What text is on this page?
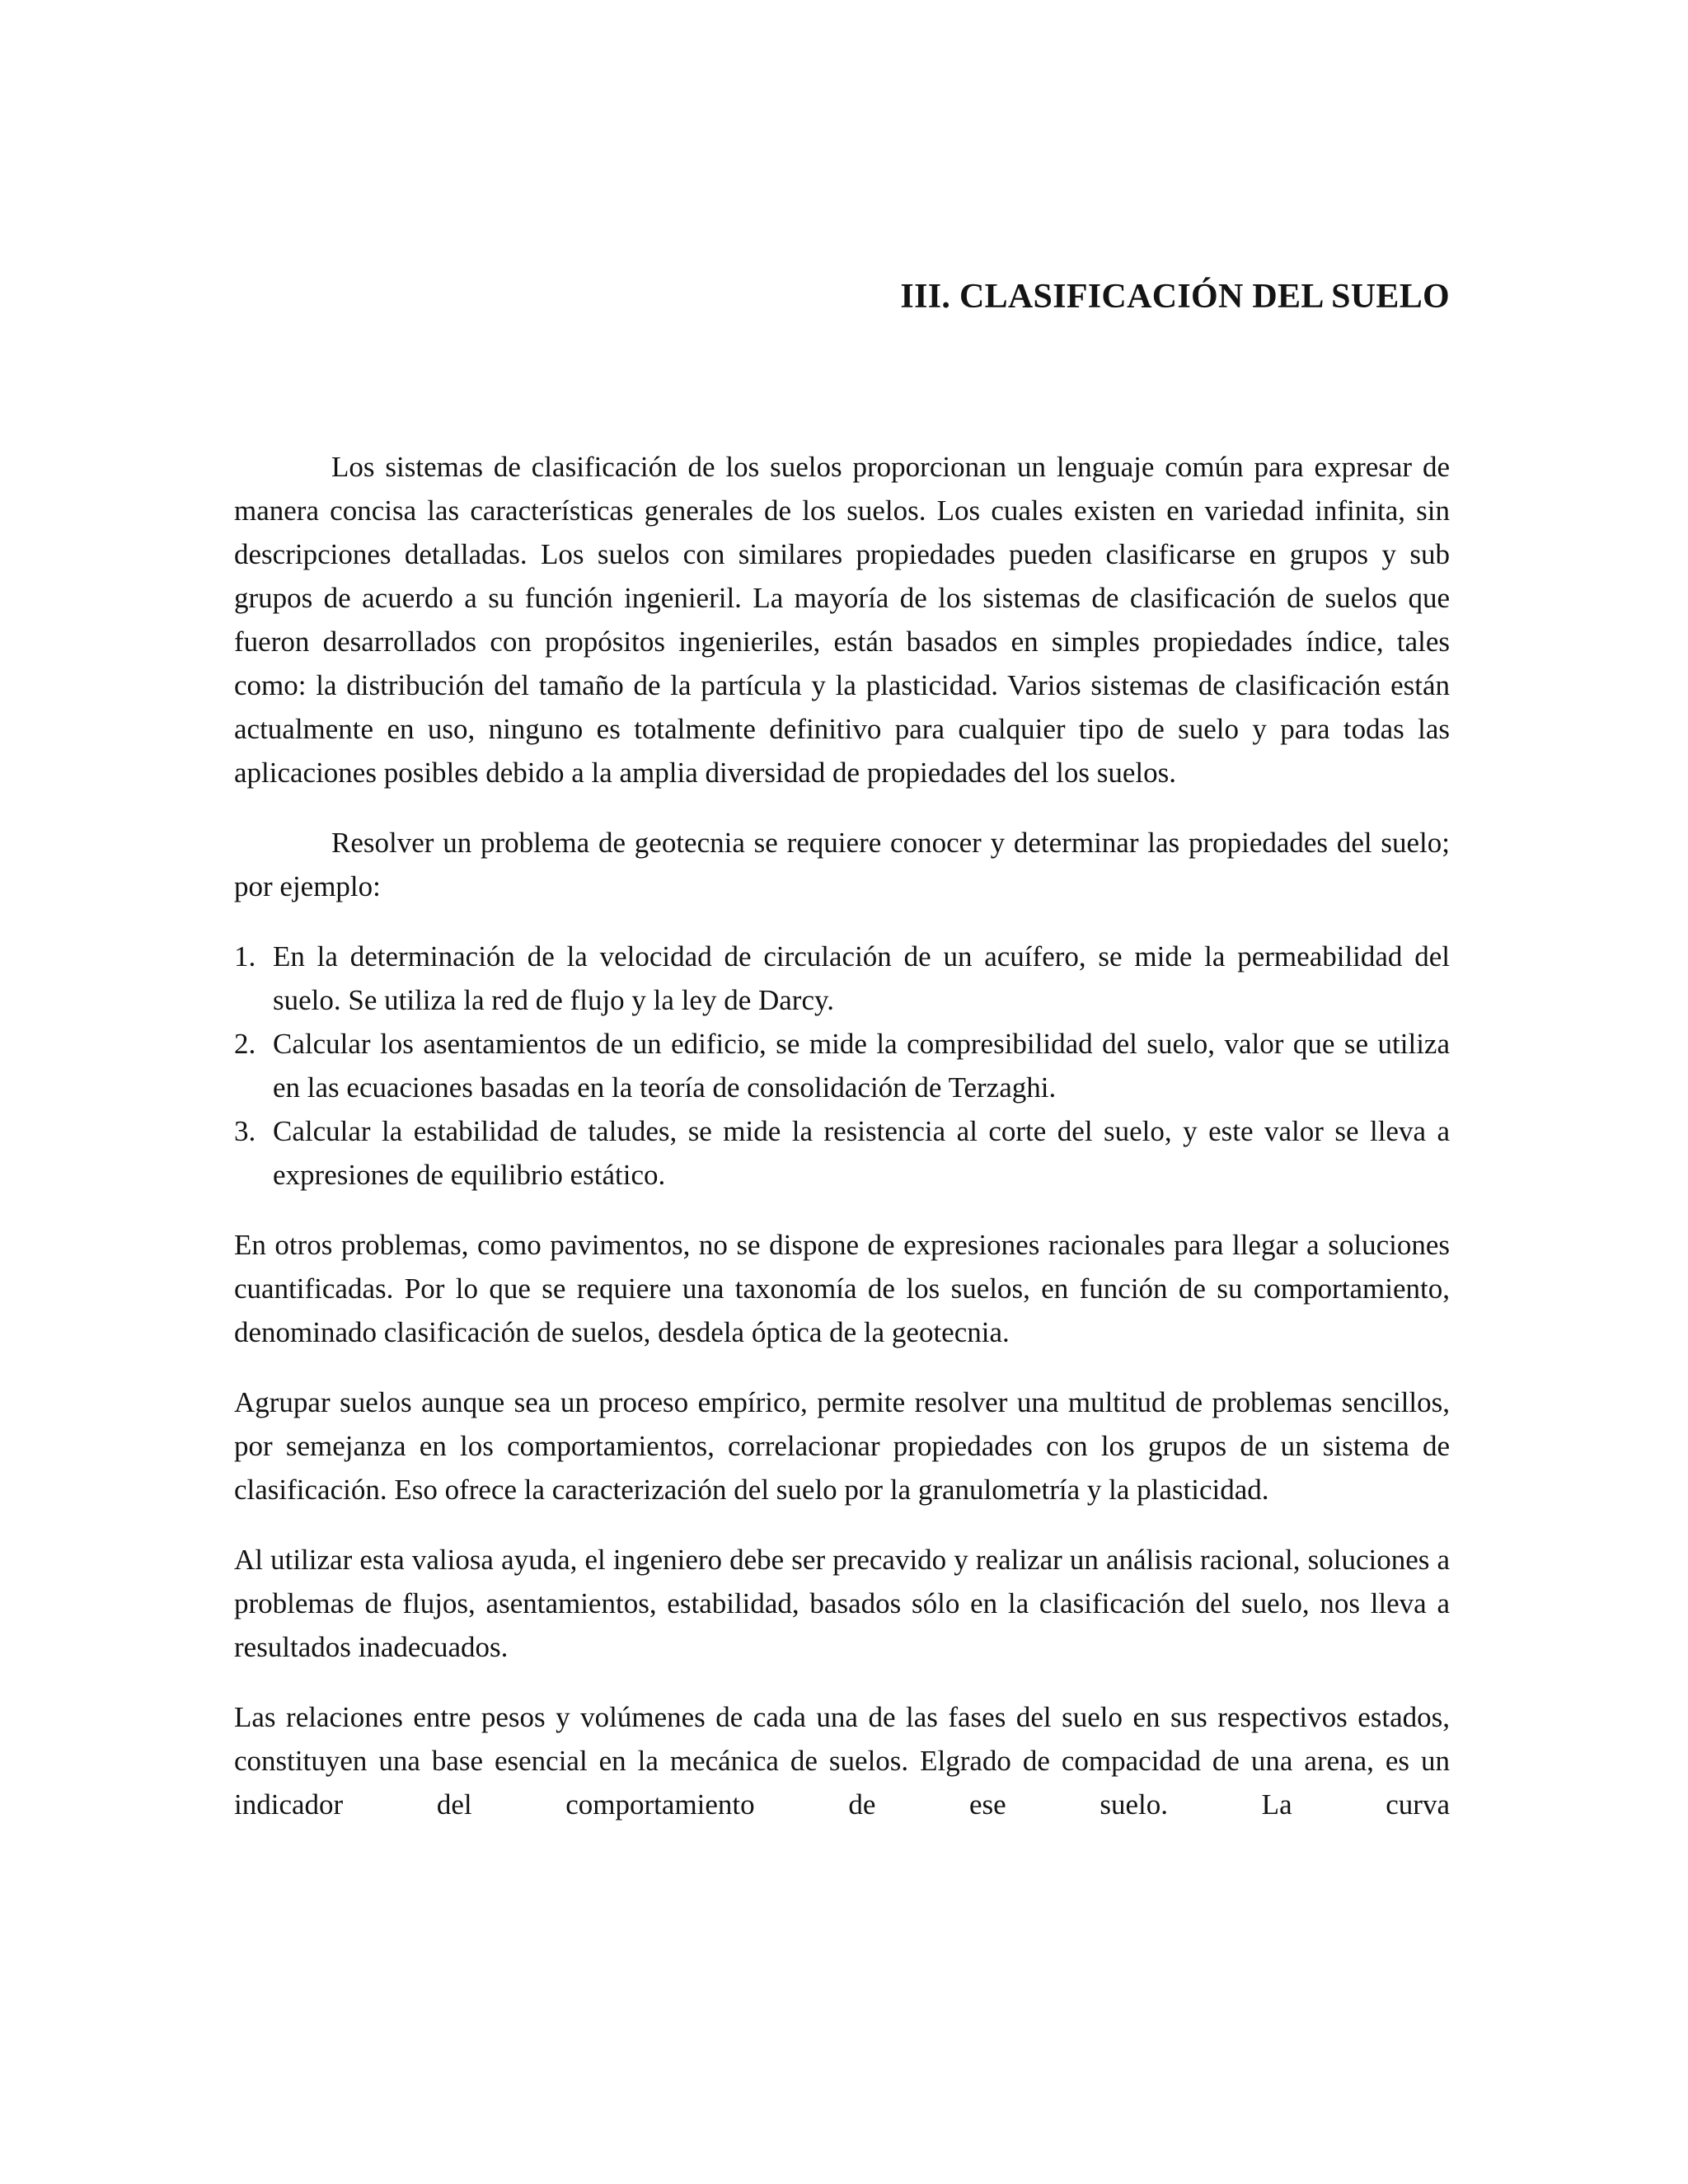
III. CLASIFICACIÓN DEL SUELO

Los sistemas de clasificación de los suelos proporcionan un lenguaje común para expresar de manera concisa las características generales de los suelos. Los cuales existen en variedad infinita, sin descripciones detalladas. Los suelos con similares propiedades pueden clasificarse en grupos y sub grupos de acuerdo a su función ingenieril. La mayoría de los sistemas de clasificación de suelos que fueron desarrollados con propósitos ingenieriles, están basados en simples propiedades índice, tales como: la distribución del tamaño de la partícula y la plasticidad. Varios sistemas de clasificación están actualmente en uso, ninguno es totalmente definitivo para cualquier tipo de suelo y para todas las aplicaciones posibles debido a la amplia diversidad de propiedades del los suelos.

Resolver un problema de geotecnia se requiere conocer y determinar las propiedades del suelo; por ejemplo:

1. En la determinación de la velocidad de circulación de un acuífero, se mide la permeabilidad del suelo. Se utiliza la red de flujo y la ley de Darcy.
2. Calcular los asentamientos de un edificio, se mide la compresibilidad del suelo, valor que se utiliza en las ecuaciones basadas en la teoría de consolidación de Terzaghi.
3. Calcular la estabilidad de taludes, se mide la resistencia al corte del suelo, y este valor se lleva a expresiones de equilibrio estático.

En otros problemas, como pavimentos, no se dispone de expresiones racionales para llegar a soluciones cuantificadas. Por lo que se requiere una taxonomía de los suelos, en función de su comportamiento, denominado clasificación de suelos, desdela óptica de la geotecnia.

Agrupar suelos aunque sea un proceso empírico, permite resolver una multitud de problemas sencillos, por semejanza en los comportamientos, correlacionar propiedades con los grupos de un sistema de clasificación. Eso ofrece la caracterización del suelo por la granulometría y la plasticidad.

Al utilizar esta valiosa ayuda, el ingeniero debe ser precavido y realizar un análisis racional, soluciones a problemas de flujos, asentamientos, estabilidad, basados sólo en la clasificación del suelo, nos lleva a resultados inadecuados.

Las relaciones entre pesos y volúmenes de cada una de las fases del suelo en sus respectivos estados, constituyen una base esencial en la mecánica de suelos. Elgrado de compacidad de una arena, es un indicador del comportamiento de ese suelo. La curva
